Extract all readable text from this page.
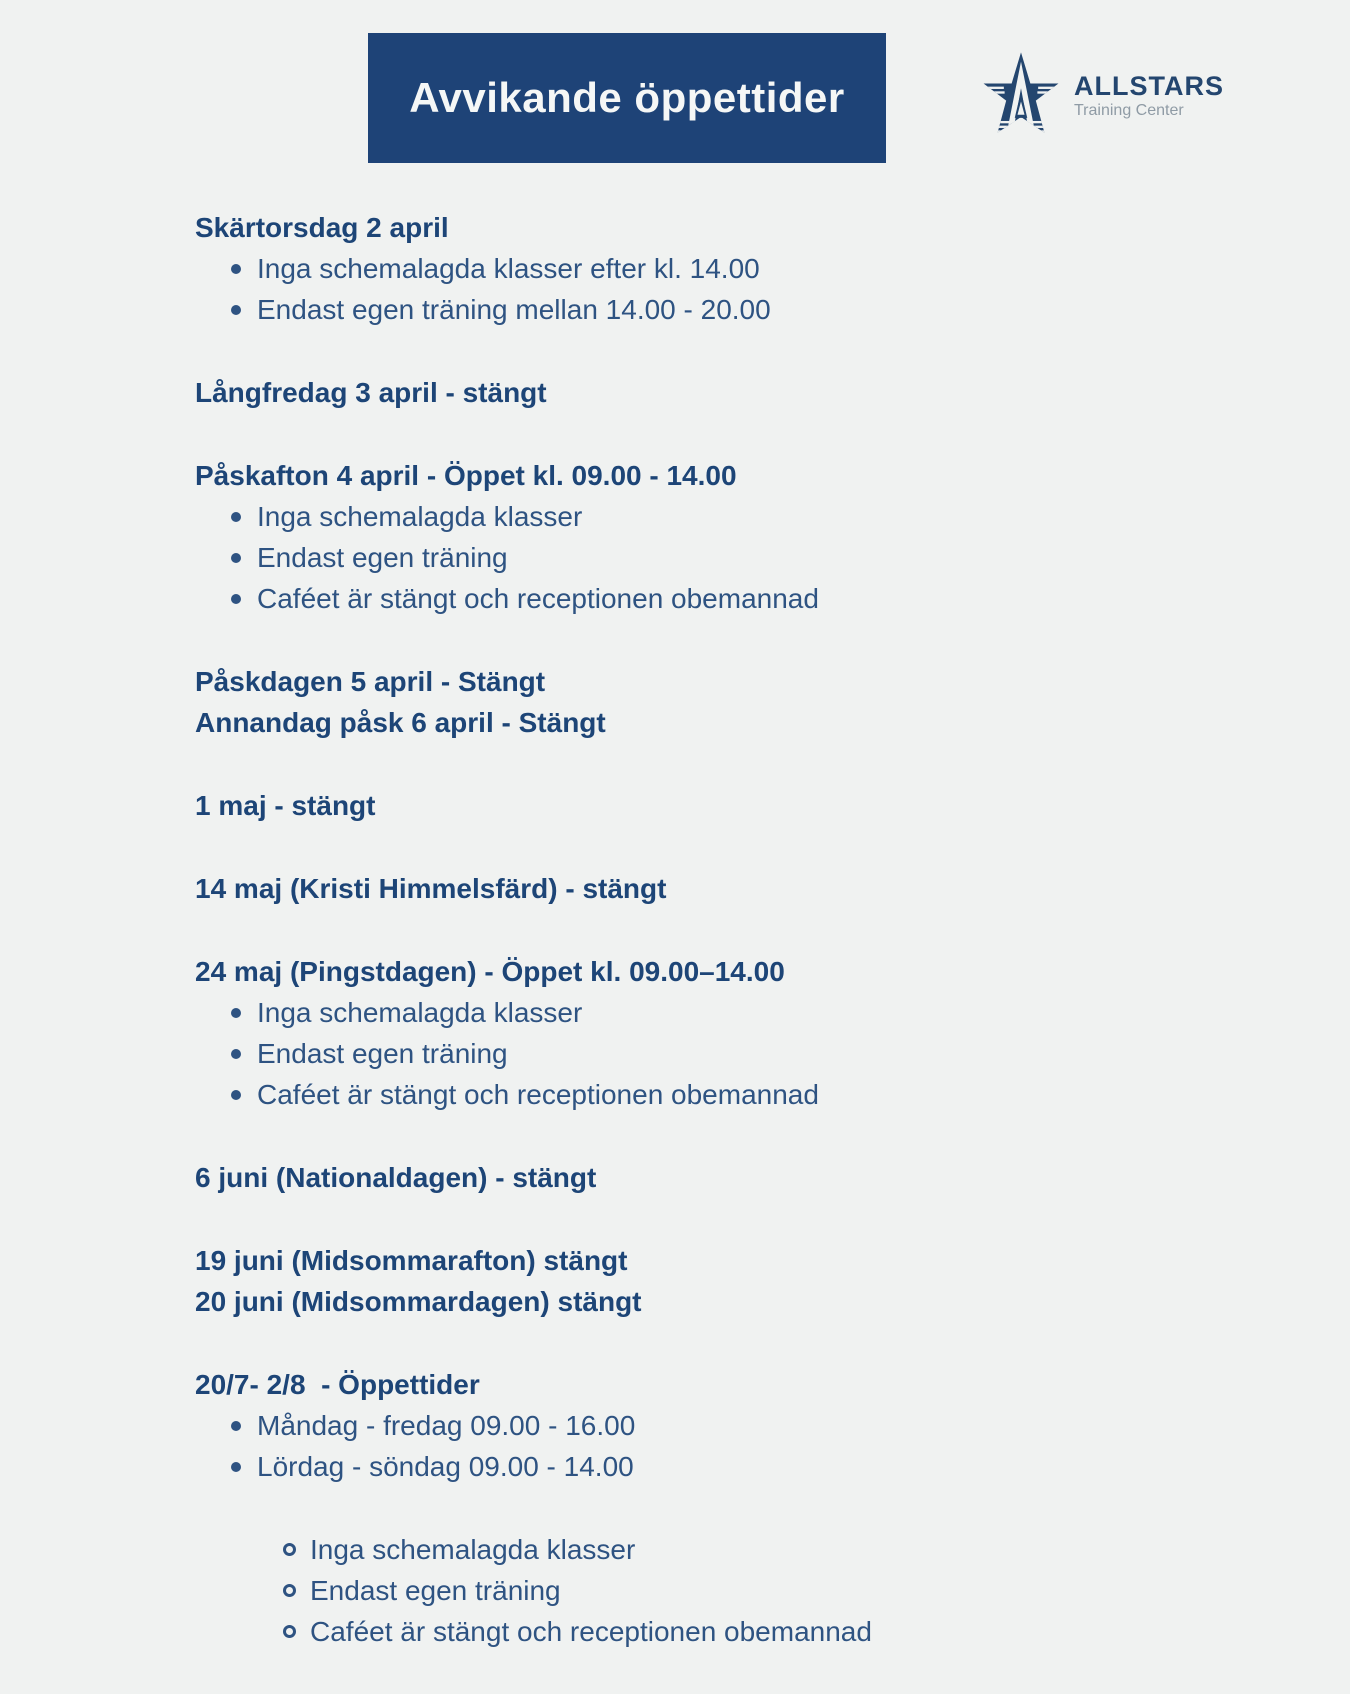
Avvikande öppettider	ALLSTARS
Training Center
Skärtorsdag 2 april
Inga schemalagda klasser efter kl. 14.00
Endast egen träning mellan 14.00 - 20.00
Långfredag 3 april - stängt
Påskafton 4 april - Öppet kl. 09.00 - 14.00
Inga schemalagda klasser
Endast egen träning
Caféet är stängt och receptionen obemannad
Påskdagen 5 april - Stängt
Annandag påsk 6 april - Stängt
1 maj - stängt
14 maj (Kristi Himmelsfärd) - stängt
24 maj (Pingstdagen) - Öppet kl. 09.00–14.00
Inga schemalagda klasser
Endast egen träning
Caféet är stängt och receptionen obemannad
6 juni (Nationaldagen) - stängt
19 juni (Midsommarafton) stängt
20 juni (Midsommardagen) stängt
20/7- 2/8  - Öppettider
Måndag - fredag 09.00 - 16.00
Lördag - söndag 09.00 - 14.00
Inga schemalagda klasser
Endast egen träning
Caféet är stängt och receptionen obemannad
